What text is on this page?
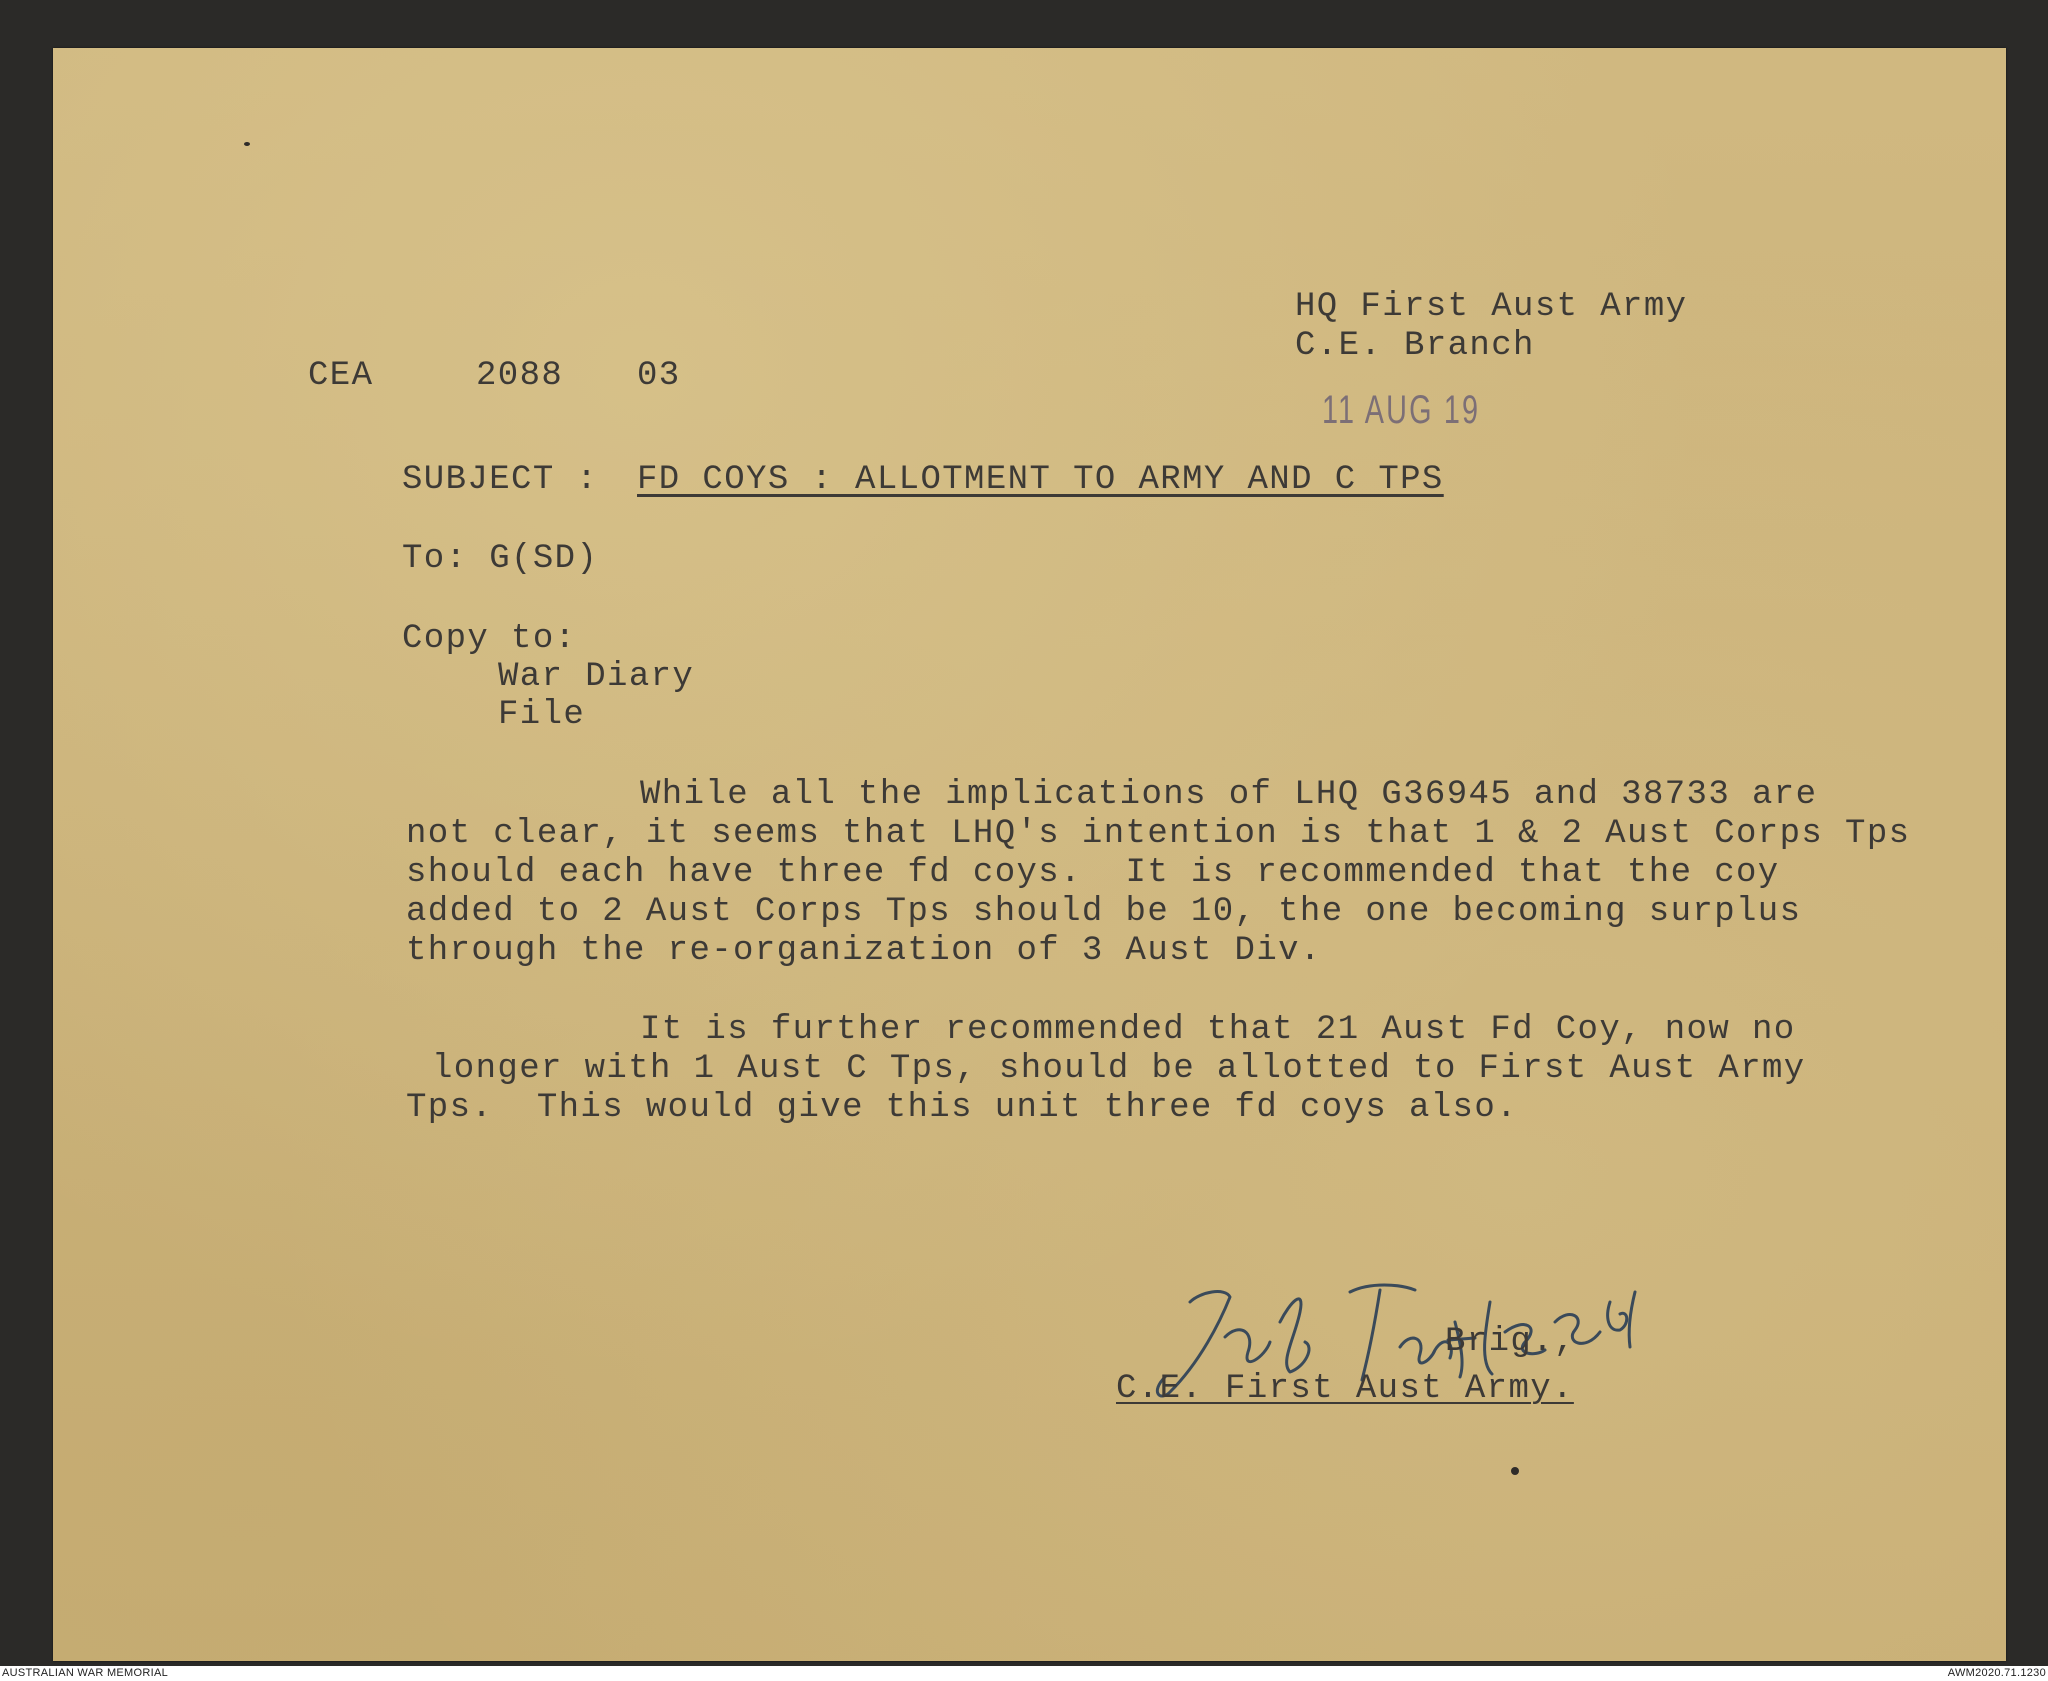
HQ First Aust Army
C.E. Branch
CEA	2088 03
11 AUG 19
SUBJECT : FD COYS : ALLOTMENT TO ARMY AND C TPS
To: G(SD)
Copy to:
War Diary
File
While all the implications of LHQ G36945 and 38733 are
not clear, it seems that LHQ's intention is that 1 & 2 Aust Corps Tps
should each have three fd coys.  It is recommended that the coy
added to 2 Aust Corps Tps should be 10, the one becoming surplus
through the re-organization of 3 Aust Div.
It is further recommended that 21 Aust Fd Coy, now no
longer with 1 Aust C Tps, should be allotted to First Aust Army
Tps.  This would give this unit three fd coys also.
Brig.,
C.E. First Aust Army.
AUSTRALIAN WAR MEMORIAL	AWM2020.71.1230
